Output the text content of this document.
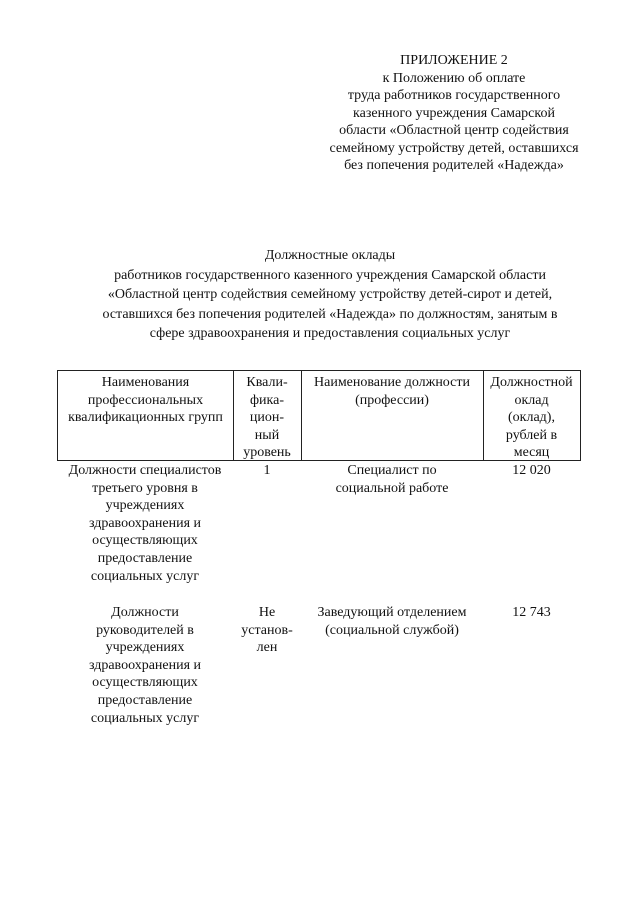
ПРИЛОЖЕНИЕ 2
к Положению об оплате
труда работников государственного
казенного учреждения Самарской
области «Областной центр содействия
семейному устройству детей, оставшихся
без попечения родителей «Надежда»
Должностные оклады
работников государственного казенного учреждения Самарской области
«Областной центр содействия семейному устройству детей-сирот и детей,
оставшихся без попечения родителей «Надежда» по должностям, занятым в
сфере здравоохранения и предоставления социальных услуг
Наименования
профессиональных
квалификационных групп
Квали-
фика-
цион-
ный
уровень
Наименование должности
(профессии)
Должностной
оклад
(оклад),
рублей в
месяц
Должности специалистов
третьего уровня в
учреждениях
здравоохранения и
осуществляющих
предоставление
социальных услуг
1	Специалист по
социальной работе
12 020
Должности
руководителей в
учреждениях
здравоохранения и
осуществляющих
предоставление
социальных услуг
Не
установ-
лен
Заведующий отделением
(социальной службой)
12 743
